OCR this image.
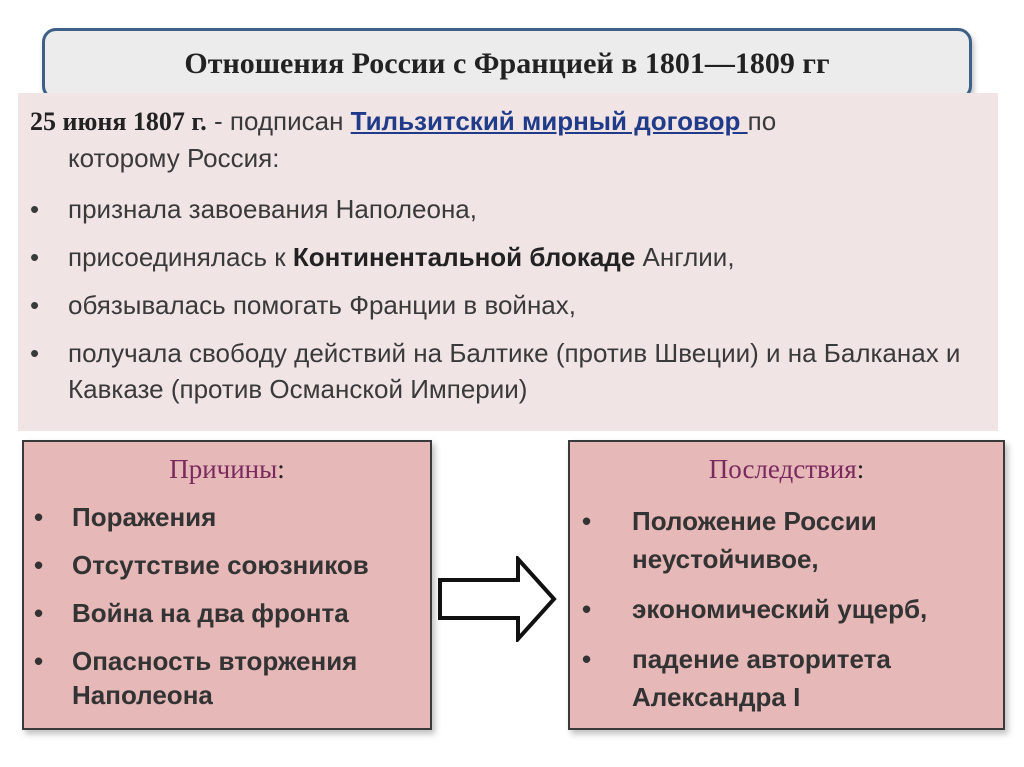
Отношения России с Францией в 1801—1809 гг
25 июня 1807 г. - подписан Тильзитский мирный договор по
которому Россия:
• признала завоевания Наполеона,
• присоединялась к Континентальной блокаде Англии,
• обязывалась помогать Франции в войнах,
• получала свободу действий на Балтике (против Швеции) и на Балканах и Кавказе (против Османской Империи)
Причины:
• Поражения
• Отсутствие союзников
• Война на два фронта
• Опасность вторжения Наполеона
Последствия:
• Положение России неустойчивое,
• экономический ущерб,
• падение авторитета Александра I
